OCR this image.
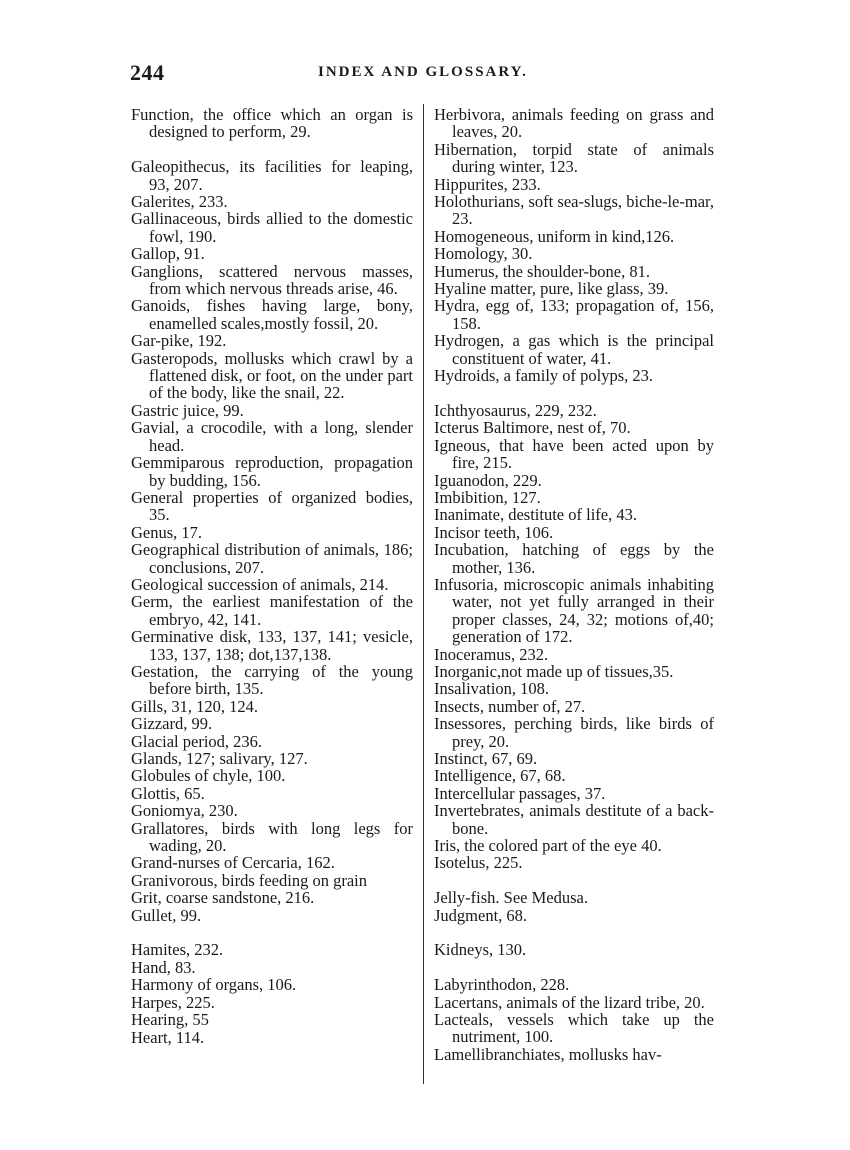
244	INDEX AND GLOSSARY.
Function, the office which an organ is designed to perform, 29.
Galeopithecus, its facilities for leaping, 93, 207.
Galerites, 233.
Gallinaceous, birds allied to the domestic fowl, 190.
Gallop, 91.
Ganglions, scattered nervous masses, from which nervous threads arise, 46.
Ganoids, fishes having large, bony, enamelled scales,mostly fossil, 20.
Gar-pike, 192.
Gasteropods, mollusks which crawl by a flattened disk, or foot, on the under part of the body, like the snail, 22.
Gastric juice, 99.
Gavial, a crocodile, with a long, slender head.
Gemmiparous reproduction, propagation by budding, 156.
General properties of organized bodies, 35.
Genus, 17.
Geographical distribution of animals, 186; conclusions, 207.
Geological succession of animals, 214.
Germ, the earliest manifestation of the embryo, 42, 141.
Germinative disk, 133, 137, 141; vesicle, 133, 137, 138; dot,137,138.
Gestation, the carrying of the young before birth, 135.
Gills, 31, 120, 124.
Gizzard, 99.
Glacial period, 236.
Glands, 127; salivary, 127.
Globules of chyle, 100.
Glottis, 65.
Goniomya, 230.
Grallatores, birds with long legs for wading, 20.
Grand-nurses of Cercaria, 162.
Granivorous, birds feeding on grain
Grit, coarse sandstone, 216.
Gullet, 99.
Hamites, 232.
Hand, 83.
Harmony of organs, 106.
Harpes, 225.
Hearing, 55
Heart, 114.
Herbivora, animals feeding on grass and leaves, 20.
Hibernation, torpid state of animals during winter, 123.
Hippurites, 233.
Holothurians, soft sea-slugs, biche-le-mar, 23.
Homogeneous, uniform in kind,126.
Homology, 30.
Humerus, the shoulder-bone, 81.
Hyaline matter, pure, like glass, 39.
Hydra, egg of, 133; propagation of, 156, 158.
Hydrogen, a gas which is the principal constituent of water, 41.
Hydroids, a family of polyps, 23.
Ichthyosaurus, 229, 232.
Icterus Baltimore, nest of, 70.
Igneous, that have been acted upon by fire, 215.
Iguanodon, 229.
Imbibition, 127.
Inanimate, destitute of life, 43.
Incisor teeth, 106.
Incubation, hatching of eggs by the mother, 136.
Infusoria, microscopic animals inhabiting water, not yet fully arranged in their proper classes, 24, 32; motions of,40; generation of 172.
Inoceramus, 232.
Inorganic,not made up of tissues,35.
Insalivation, 108.
Insects, number of, 27.
Insessores, perching birds, like birds of prey, 20.
Instinct, 67, 69.
Intelligence, 67, 68.
Intercellular passages, 37.
Invertebrates, animals destitute of a back-bone.
Iris, the colored part of the eye 40.
Isotelus, 225.
Jelly-fish. See Medusa.
Judgment, 68.
Kidneys, 130.
Labyrinthodon, 228.
Lacertans, animals of the lizard tribe, 20.
Lacteals, vessels which take up the nutriment, 100.
Lamellibranchiates, mollusks hav-
